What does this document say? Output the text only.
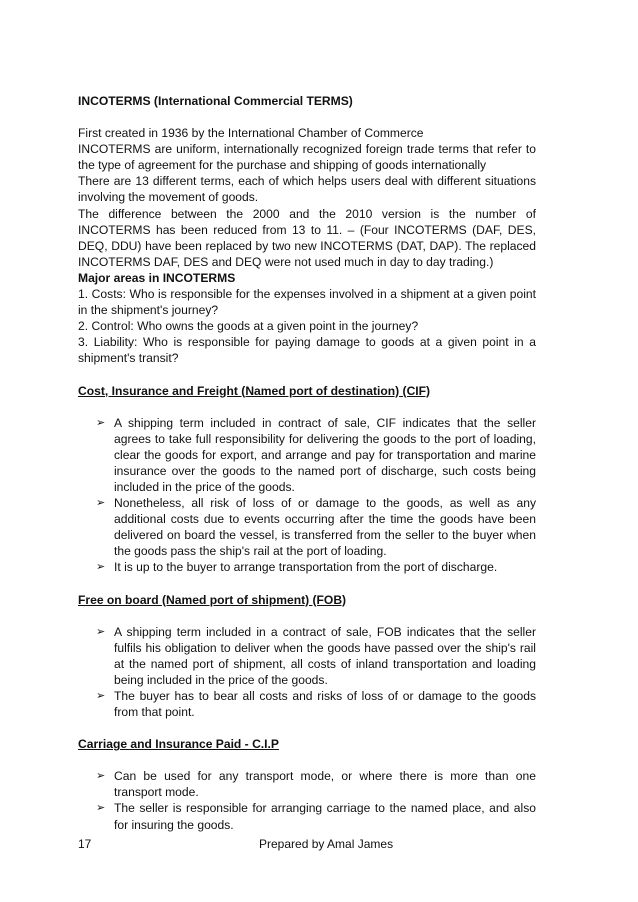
INCOTERMS (International Commercial TERMS)

First created in 1936 by the International Chamber of Commerce

INCOTERMS are uniform, internationally recognized foreign trade terms that refer to the type of agreement for the purchase and shipping of goods internationally

There are 13 different terms, each of which helps users deal with different situations involving the movement of goods.

The difference between the 2000 and the 2010 version is the number of INCOTERMS has been reduced from 13 to 11. – (Four INCOTERMS (DAF, DES, DEQ, DDU) have been replaced by two new INCOTERMS (DAT, DAP). The replaced INCOTERMS DAF, DES and DEQ were not used much in day to day trading.)

Major areas in INCOTERMS

1. Costs: Who is responsible for the expenses involved in a shipment at a given point in the shipment's journey?

2. Control: Who owns the goods at a given point in the journey?

3. Liability: Who is responsible for paying damage to goods at a given point in a shipment's transit?

Cost, Insurance and Freight (Named port of destination) (CIF)

➢ A shipping term included in contract of sale, CIF indicates that the seller agrees to take full responsibility for delivering the goods to the port of loading, clear the goods for export, and arrange and pay for transportation and marine insurance over the goods to the named port of discharge, such costs being included in the price of the goods.
➢ Nonetheless, all risk of loss of or damage to the goods, as well as any additional costs due to events occurring after the time the goods have been delivered on board the vessel, is transferred from the seller to the buyer when the goods pass the ship's rail at the port of loading.
➢ It is up to the buyer to arrange transportation from the port of discharge.

Free on board (Named port of shipment) (FOB)

➢ A shipping term included in a contract of sale, FOB indicates that the seller fulfils his obligation to deliver when the goods have passed over the ship's rail at the named port of shipment, all costs of inland transportation and loading being included in the price of the goods.
➢ The buyer has to bear all costs and risks of loss of or damage to the goods from that point.

Carriage and Insurance Paid - C.I.P

➢ Can be used for any transport mode, or where there is more than one transport mode.
➢ The seller is responsible for arranging carriage to the named place, and also for insuring the goods.
17	Prepared by Amal James
